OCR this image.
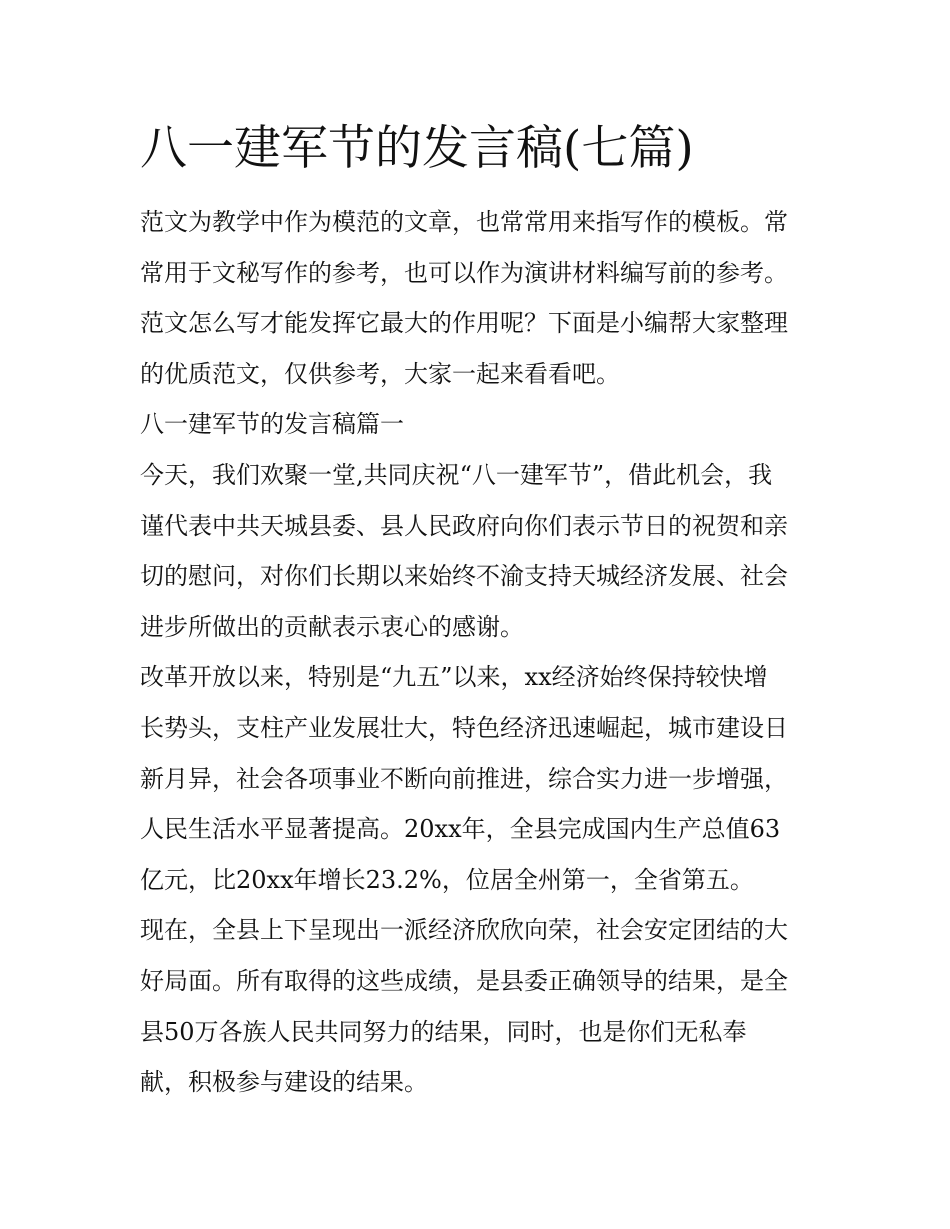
八一建军节的发言稿(七篇)
范文为教学中作为模范的文章，也常常用来指写作的模板。常
常用于文秘写作的参考，也可以作为演讲材料编写前的参考。
范文怎么写才能发挥它最大的作用呢？下面是小编帮大家整理
的优质范文，仅供参考，大家一起来看看吧。
八一建军节的发言稿篇一
今天，我们欢聚一堂,共同庆祝“八一建军节”，借此机会，我
谨代表中共天城县委、县人民政府向你们表示节日的祝贺和亲
切的慰问，对你们长期以来始终不渝支持天城经济发展、社会
进步所做出的贡献表示衷心的感谢。
改革开放以来，特别是“九五”以来，xx经济始终保持较快增
长势头，支柱产业发展壮大，特色经济迅速崛起，城市建设日
新月异，社会各项事业不断向前推进，综合实力进一步增强，
人民生活水平显著提高。20xx年，全县完成国内生产总值63
亿元，比20xx年增长23.2%，位居全州第一，全省第五。
现在，全县上下呈现出一派经济欣欣向荣，社会安定团结的大
好局面。所有取得的这些成绩，是县委正确领导的结果，是全
县50万各族人民共同努力的结果，同时，也是你们无私奉
献，积极参与建设的结果。
